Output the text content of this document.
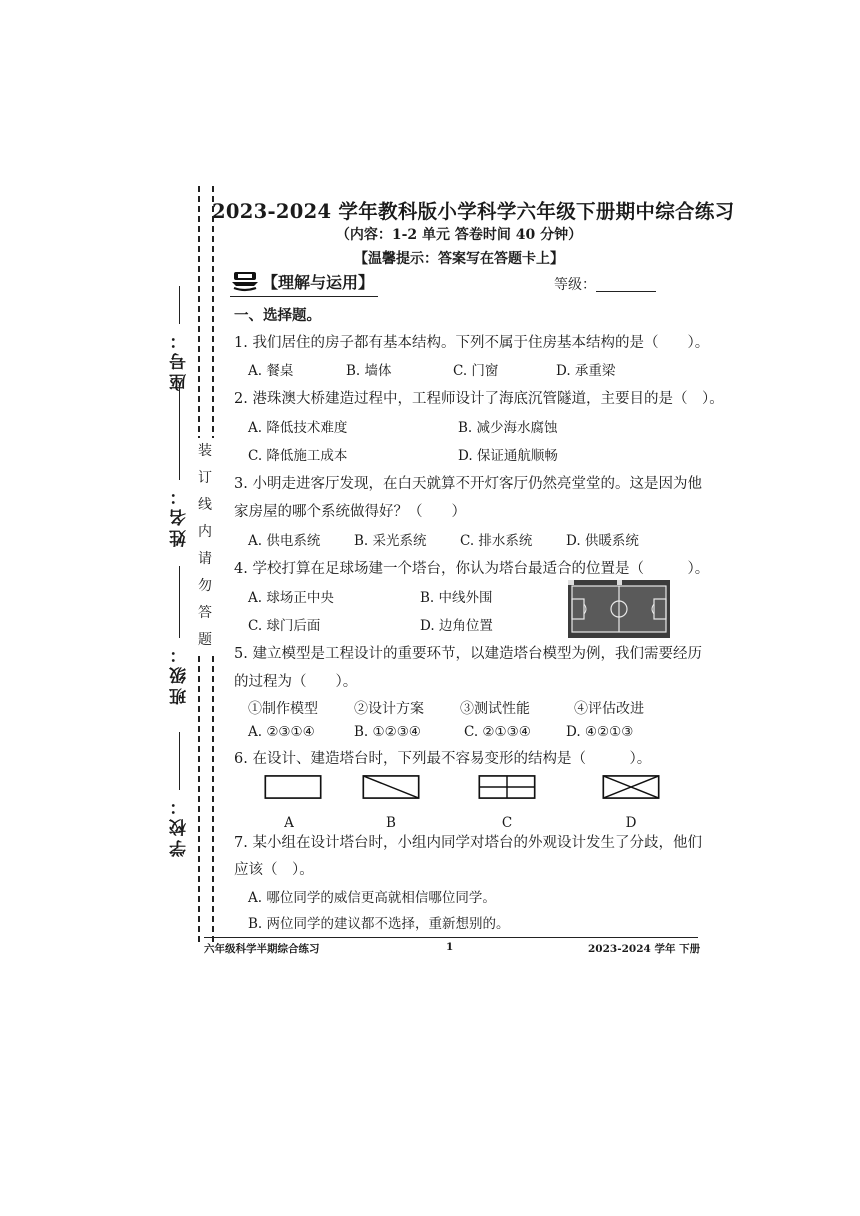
座号：
姓名：
班级：
学校：
装
订
线
内
请
勿
答
题
2023-2024 学年教科版小学科学六年级下册期中综合练习
（内容：1-2 单元 答卷时间 40 分钟）
【温馨提示：答案写在答题卡上】
【理解与运用】	等级：
一、选择题。
1. 我们居住的房子都有基本结构。下列不属于住房基本结构的是（　　）。
A. 餐桌	B. 墙体	C. 门窗	D. 承重梁
2. 港珠澳大桥建造过程中，工程师设计了海底沉管隧道，主要目的是（　）。
A. 降低技术难度	B. 减少海水腐蚀
C. 降低施工成本	D. 保证通航顺畅
3. 小明走进客厅发现，在白天就算不开灯客厅仍然亮堂堂的。这是因为他
家房屋的哪个系统做得好？（　　）
A. 供电系统 B. 采光系统 C. 排水系统 D. 供暖系统
4. 学校打算在足球场建一个塔台，你认为塔台最适合的位置是（　　　）。
A. 球场正中央	B. 中线外围
C. 球门后面	D. 边角位置
5. 建立模型是工程设计的重要环节，以建造塔台模型为例，我们需要经历
的过程为（　　）。
①制作模型	②设计方案	③测试性能	④评估改进
A. ②③①④	B. ①②③④	C. ②①③④	D. ④②①③
6. 在设计、建造塔台时，下列最不容易变形的结构是（　　　）。
A	B	C	D
7. 某小组在设计塔台时，小组内同学对塔台的外观设计发生了分歧，他们
应该（　）。
A. 哪位同学的威信更高就相信哪位同学。
B. 两位同学的建议都不选择，重新想别的。
六年级科学半期综合练习	1	2023-2024 学年 下册
